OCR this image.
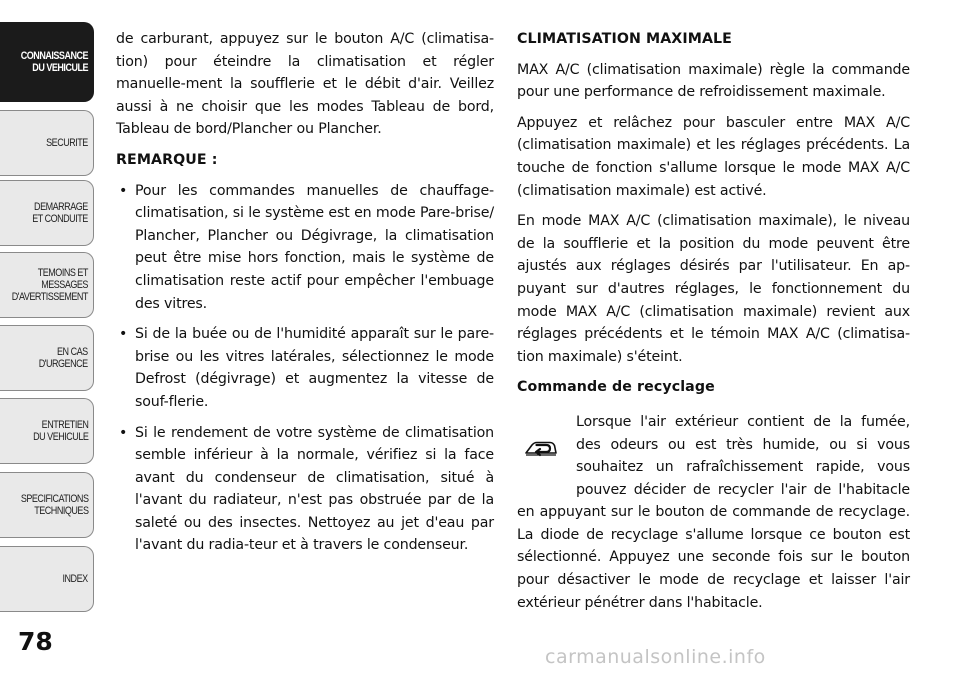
CONNAISSANCE
DU VEHICULE
SECURITE
DEMARRAGE
ET CONDUITE
TEMOINS ET
MESSAGES
D'AVERTISSEMENT
EN CAS
D'URGENCE
ENTRETIEN
DU VEHICULE
SPECIFICATIONS
TECHNIQUES
INDEX
78

de carburant, appuyez sur le bouton A/C (climatisa-tion) pour éteindre la climatisation et régler manuelle-ment la soufflerie et le débit d'air. Veillez aussi à ne choisir que les modes Tableau de bord, Tableau de bord/Plancher ou Plancher.

REMARQUE :
• Pour les commandes manuelles de chauffage-climatisation, si le système est en mode Pare-brise/ Plancher, Plancher ou Dégivrage, la climatisation peut être mise hors fonction, mais le système de climatisation reste actif pour empêcher l'embuage des vitres.
• Si de la buée ou de l'humidité apparaît sur le pare-brise ou les vitres latérales, sélectionnez le mode Defrost (dégivrage) et augmentez la vitesse de souf-flerie.
• Si le rendement de votre système de climatisation semble inférieur à la normale, vérifiez si la face avant du condenseur de climatisation, situé à l'avant du radiateur, n'est pas obstruée par de la saleté ou des insectes. Nettoyez au jet d'eau par l'avant du radia-teur et à travers le condenseur.
CLIMATISATION MAXIMALE

MAX A/C (climatisation maximale) règle la commande pour une performance de refroidissement maximale.

Appuyez et relâchez pour basculer entre MAX A/C (climatisation maximale) et les réglages précédents. La touche de fonction s'allume lorsque le mode MAX A/C (climatisation maximale) est activé.

En mode MAX A/C (climatisation maximale), le niveau de la soufflerie et la position du mode peuvent être ajustés aux réglages désirés par l'utilisateur. En ap-puyant sur d'autres réglages, le fonctionnement du mode MAX A/C (climatisation maximale) revient aux réglages précédents et le témoin MAX A/C (climatisa-tion maximale) s'éteint.

Commande de recyclage

Lorsque l'air extérieur contient de la fumée,

des odeurs ou est très humide, ou si vous

souhaitez un rafraîchissement rapide, vous

pouvez décider de recycler l'air de l'habitacle

en appuyant sur le bouton de commande de recyclage. La diode de recyclage s'allume lorsque ce bouton est sélectionné. Appuyez une seconde fois sur le bouton pour désactiver le mode de recyclage et laisser l'air extérieur pénétrer dans l'habitacle.

carmanualsonline.info
